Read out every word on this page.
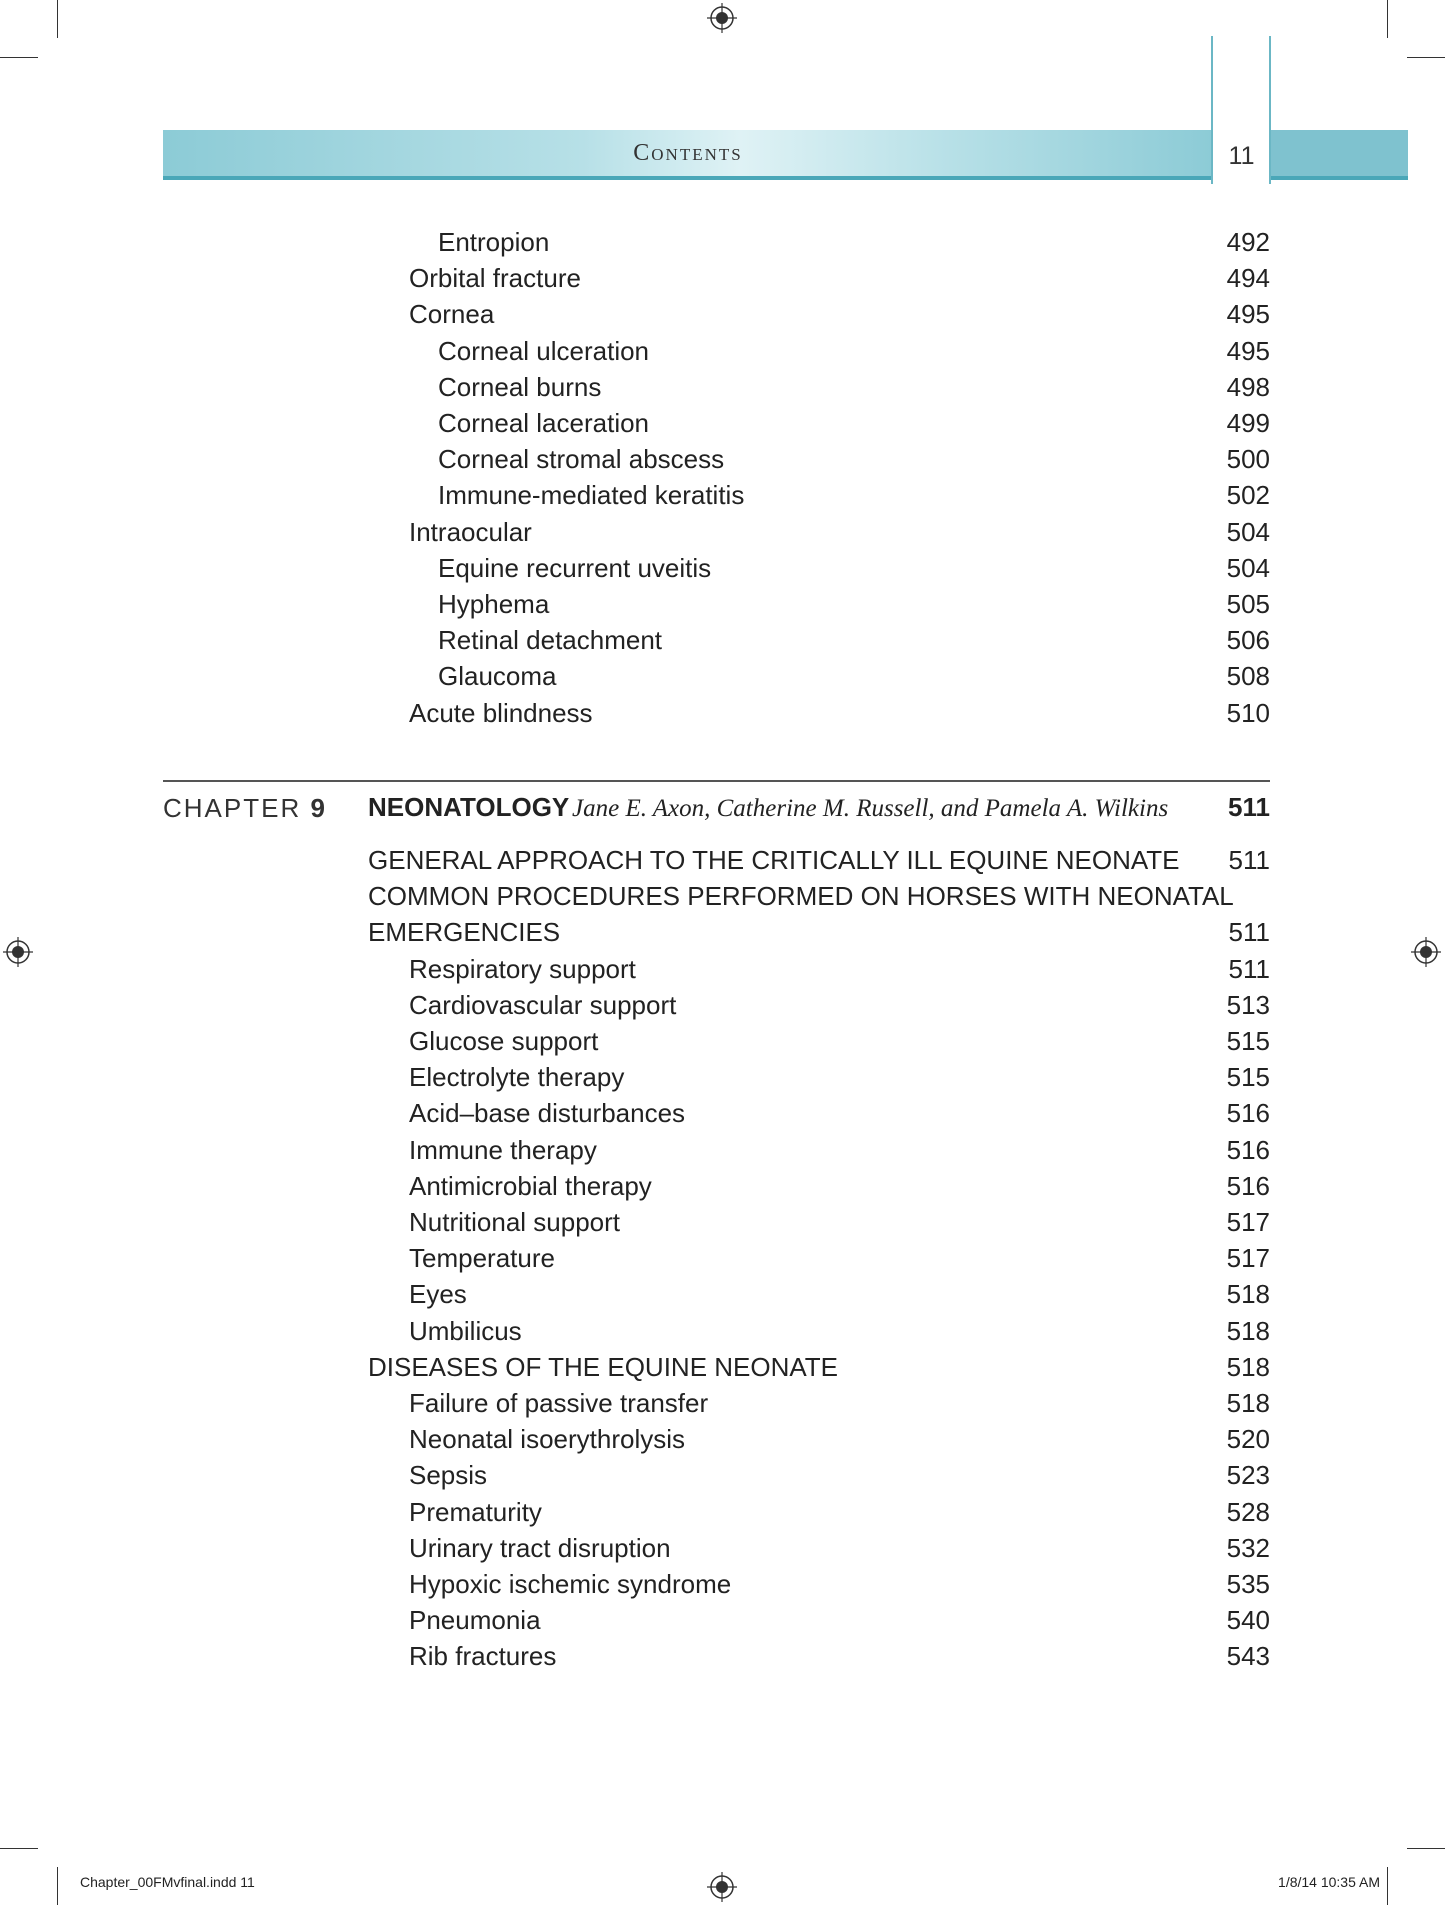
Contents	11
Entropion	492
Orbital fracture	494
Cornea	495
Corneal ulceration	495
Corneal burns	498
Corneal laceration	499
Corneal stromal abscess	500
Immune-mediated keratitis	502
Intraocular	504
Equine recurrent uveitis	504
Hyphema	505
Retinal detachment	506
Glaucoma	508
Acute blindness	510
CHAPTER 9 NEONATOLOGY Jane E. Axon, Catherine M. Russell, and Pamela A. Wilkins	511
GENERAL APPROACH TO THE CRITICALLY ILL EQUINE NEONATE	511
COMMON PROCEDURES PERFORMED ON HORSES WITH NEONATAL
EMERGENCIES	511
Respiratory support	511
Cardiovascular support	513
Glucose support	515
Electrolyte therapy	515
Acid–base disturbances	516
Immune therapy	516
Antimicrobial therapy	516
Nutritional support	517
Temperature	517
Eyes	518
Umbilicus	518
DISEASES OF THE EQUINE NEONATE	518
Failure of passive transfer	518
Neonatal isoerythrolysis	520
Sepsis	523
Prematurity	528
Urinary tract disruption	532
Hypoxic ischemic syndrome	535
Pneumonia	540
Rib fractures	543
Chapter_00FMvfinal.indd 11	1/8/14 10:35 AM
